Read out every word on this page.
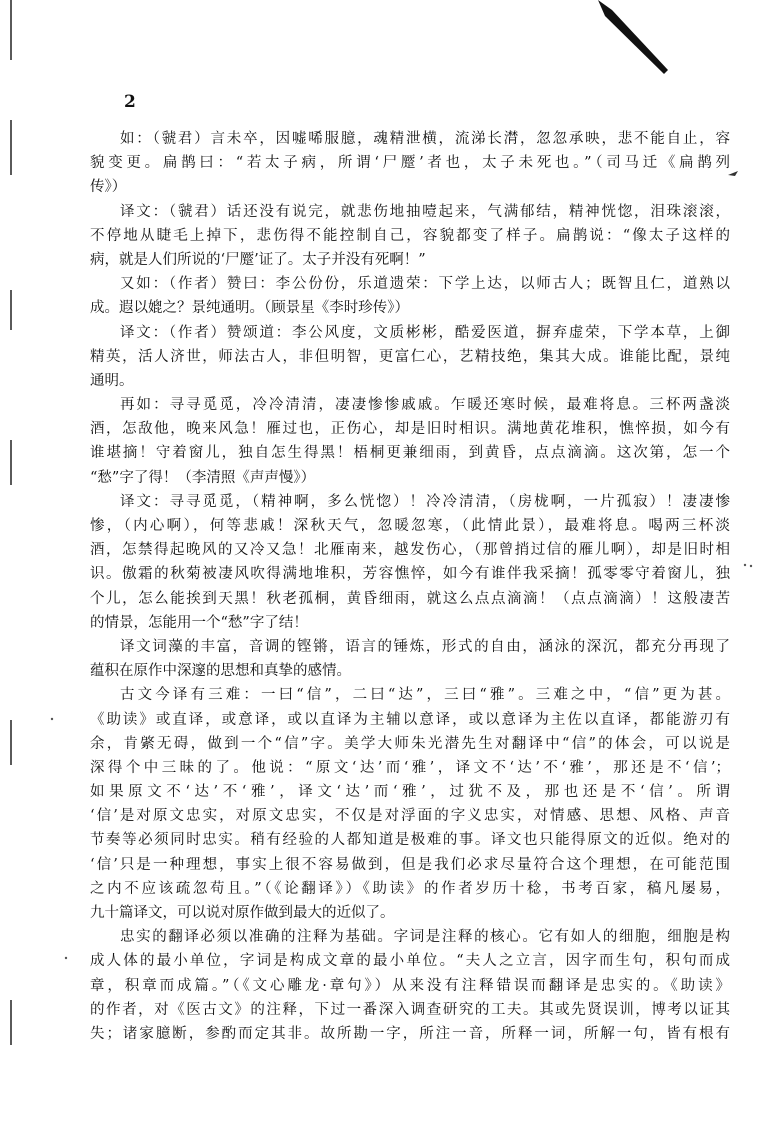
2
如：（虢君）言未卒，因嘘唏服臆，魂精泄横，流涕长潸，忽忽承映，悲不能自止，容
貌变更。扁鹊曰：“若太子病，所谓‘尸蹷’者也，太子未死也。”（司马迁《扁鹊列
传》）
译文：（虢君）话还没有说完，就悲伤地抽噎起来，气满郁结，精神恍惚，泪珠滚滚，
不停地从睫毛上掉下，悲伤得不能控制自己，容貌都变了样子。扁鹊说：“像太子这样的
病，就是人们所说的‘尸蹷’证了。太子并没有死啊！”
又如：（作者）赞曰：李公份份，乐道遗荣：下学上达，以师古人；既智且仁，道熟以
成。遐以媲之？景纯通明。（顾景星《李时珍传》）
译文：（作者）赞颂道：李公风度，文质彬彬，酷爱医道，摒弃虚荣，下学本草，上御
精英，活人济世，师法古人，非但明智，更富仁心，艺精技绝，集其大成。谁能比配，景纯
通明。
再如：寻寻觅觅，冷冷清清，凄凄惨惨戚戚。乍暖还寒时候，最难将息。三杯两盏淡
酒，怎敌他，晚来风急！雁过也，正伤心，却是旧时相识。满地黄花堆积，憔悴损，如今有
谁堪摘！守着窗儿，独自怎生得黑！梧桐更兼细雨，到黄昏，点点滴滴。这次第，怎一个
“愁”字了得！（李清照《声声慢》）
译文：寻寻觅觅，（精神啊，多么恍惚）！冷冷清清，（房栊啊，一片孤寂）！凄凄惨
惨，（内心啊），何等悲戚！深秋天气，忽暖忽寒，（此情此景），最难将息。喝两三杯淡
酒，怎禁得起晚风的又冷又急！北雁南来，越发伤心，（那曾捎过信的雁儿啊），却是旧时相
识。傲霜的秋菊被凄风吹得满地堆积，芳容憔悴，如今有谁伴我采摘！孤零零守着窗儿，独
个儿，怎么能挨到天黑！秋老孤桐，黄昏细雨，就这么点点滴滴！（点点滴滴）！这般凄苦
的情景，怎能用一个“愁”字了结！
译文词藻的丰富，音调的铿锵，语言的锤炼，形式的自由，涵泳的深沉，都充分再现了
蕴积在原作中深邃的思想和真挚的感情。
古文今译有三难：一曰“信”，二曰“达”，三曰“雅”。三难之中，“信”更为甚。
《助读》或直译，或意译，或以直译为主辅以意译，或以意译为主佐以直译，都能游刃有
余，肯綮无碍，做到一个“信”字。美学大师朱光潜先生对翻译中“信”的体会，可以说是
深得个中三昧的了。他说：“原文‘达’而‘雅’，译文不‘达’不‘雅’，那还是不‘信’；
如果原文不‘达’不‘雅’，译文‘达’而‘雅’，过犹不及，那也还是不‘信’。所谓
‘信’是对原文忠实，对原文忠实，不仅是对浮面的字义忠实，对情感、思想、风格、声音
节奏等必须同时忠实。稍有经验的人都知道是极难的事。译文也只能得原文的近似。绝对的
‘信’只是一种理想，事实上很不容易做到，但是我们必求尽量符合这个理想，在可能范围
之内不应该疏忽苟且。”（《论翻译》）《助读》的作者岁历十稔，书考百家，稿凡屡易，
九十篇译文，可以说对原作做到最大的近似了。
忠实的翻译必须以准确的注释为基础。字词是注释的核心。它有如人的细胞，细胞是构
成人体的最小单位，字词是构成文章的最小单位。“夫人之立言，因字而生句，积句而成
章，积章而成篇。”（《文心雕龙·章句》）从来没有注释错误而翻译是忠实的。《助读》
的作者，对《医古文》的注释，下过一番深入调查研究的工夫。其或先贤误训，博考以证其
失；诸家臆断，参酌而定其非。故所勘一字，所注一音，所释一词，所解一句，皆有根有
